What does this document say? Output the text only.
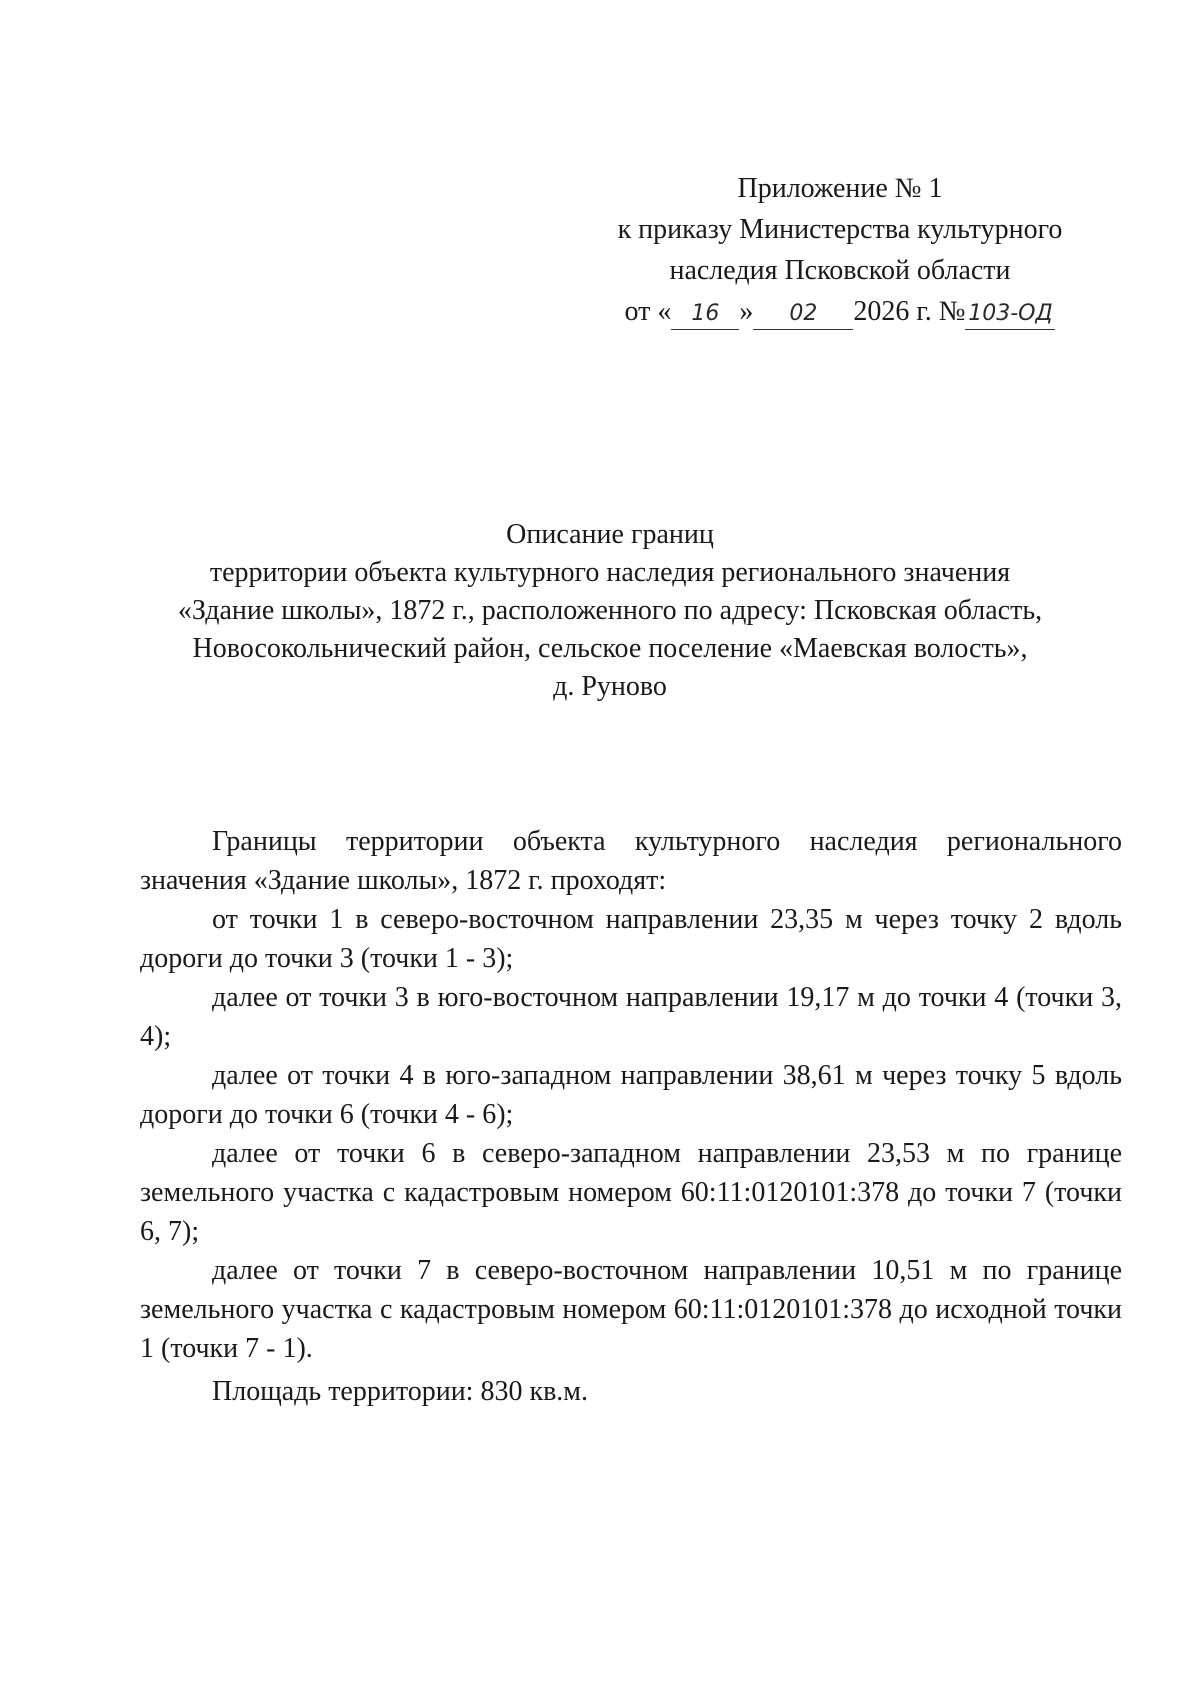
Приложение № 1
к приказу Министерства культурного
наследия Псковской области
от « 16 » 02 2026 г. № 103-ОД
Описание границ
территории объекта культурного наследия регионального значения
«Здание школы», 1872 г., расположенного по адресу: Псковская область,
Новосокольнический район, сельское поселение «Маевская волость»,
д. Руново

Границы территории объекта культурного наследия регионального значения «Здание школы», 1872 г. проходят:

от точки 1 в северо-восточном направлении 23,35 м через точку 2 вдоль дороги до точки 3 (точки 1 - 3);

далее от точки 3 в юго-восточном направлении 19,17 м до точки 4 (точки 3, 4);

далее от точки 4 в юго-западном направлении 38,61 м через точку 5 вдоль дороги до точки 6 (точки 4 - 6);

далее от точки 6 в северо-западном направлении 23,53 м по границе земельного участка с кадастровым номером 60:11:0120101:378 до точки 7 (точки 6, 7);

далее от точки 7 в северо-восточном направлении 10,51 м по границе земельного участка с кадастровым номером 60:11:0120101:378 до исходной точки 1 (точки 7 - 1).

Площадь территории: 830 кв.м.
